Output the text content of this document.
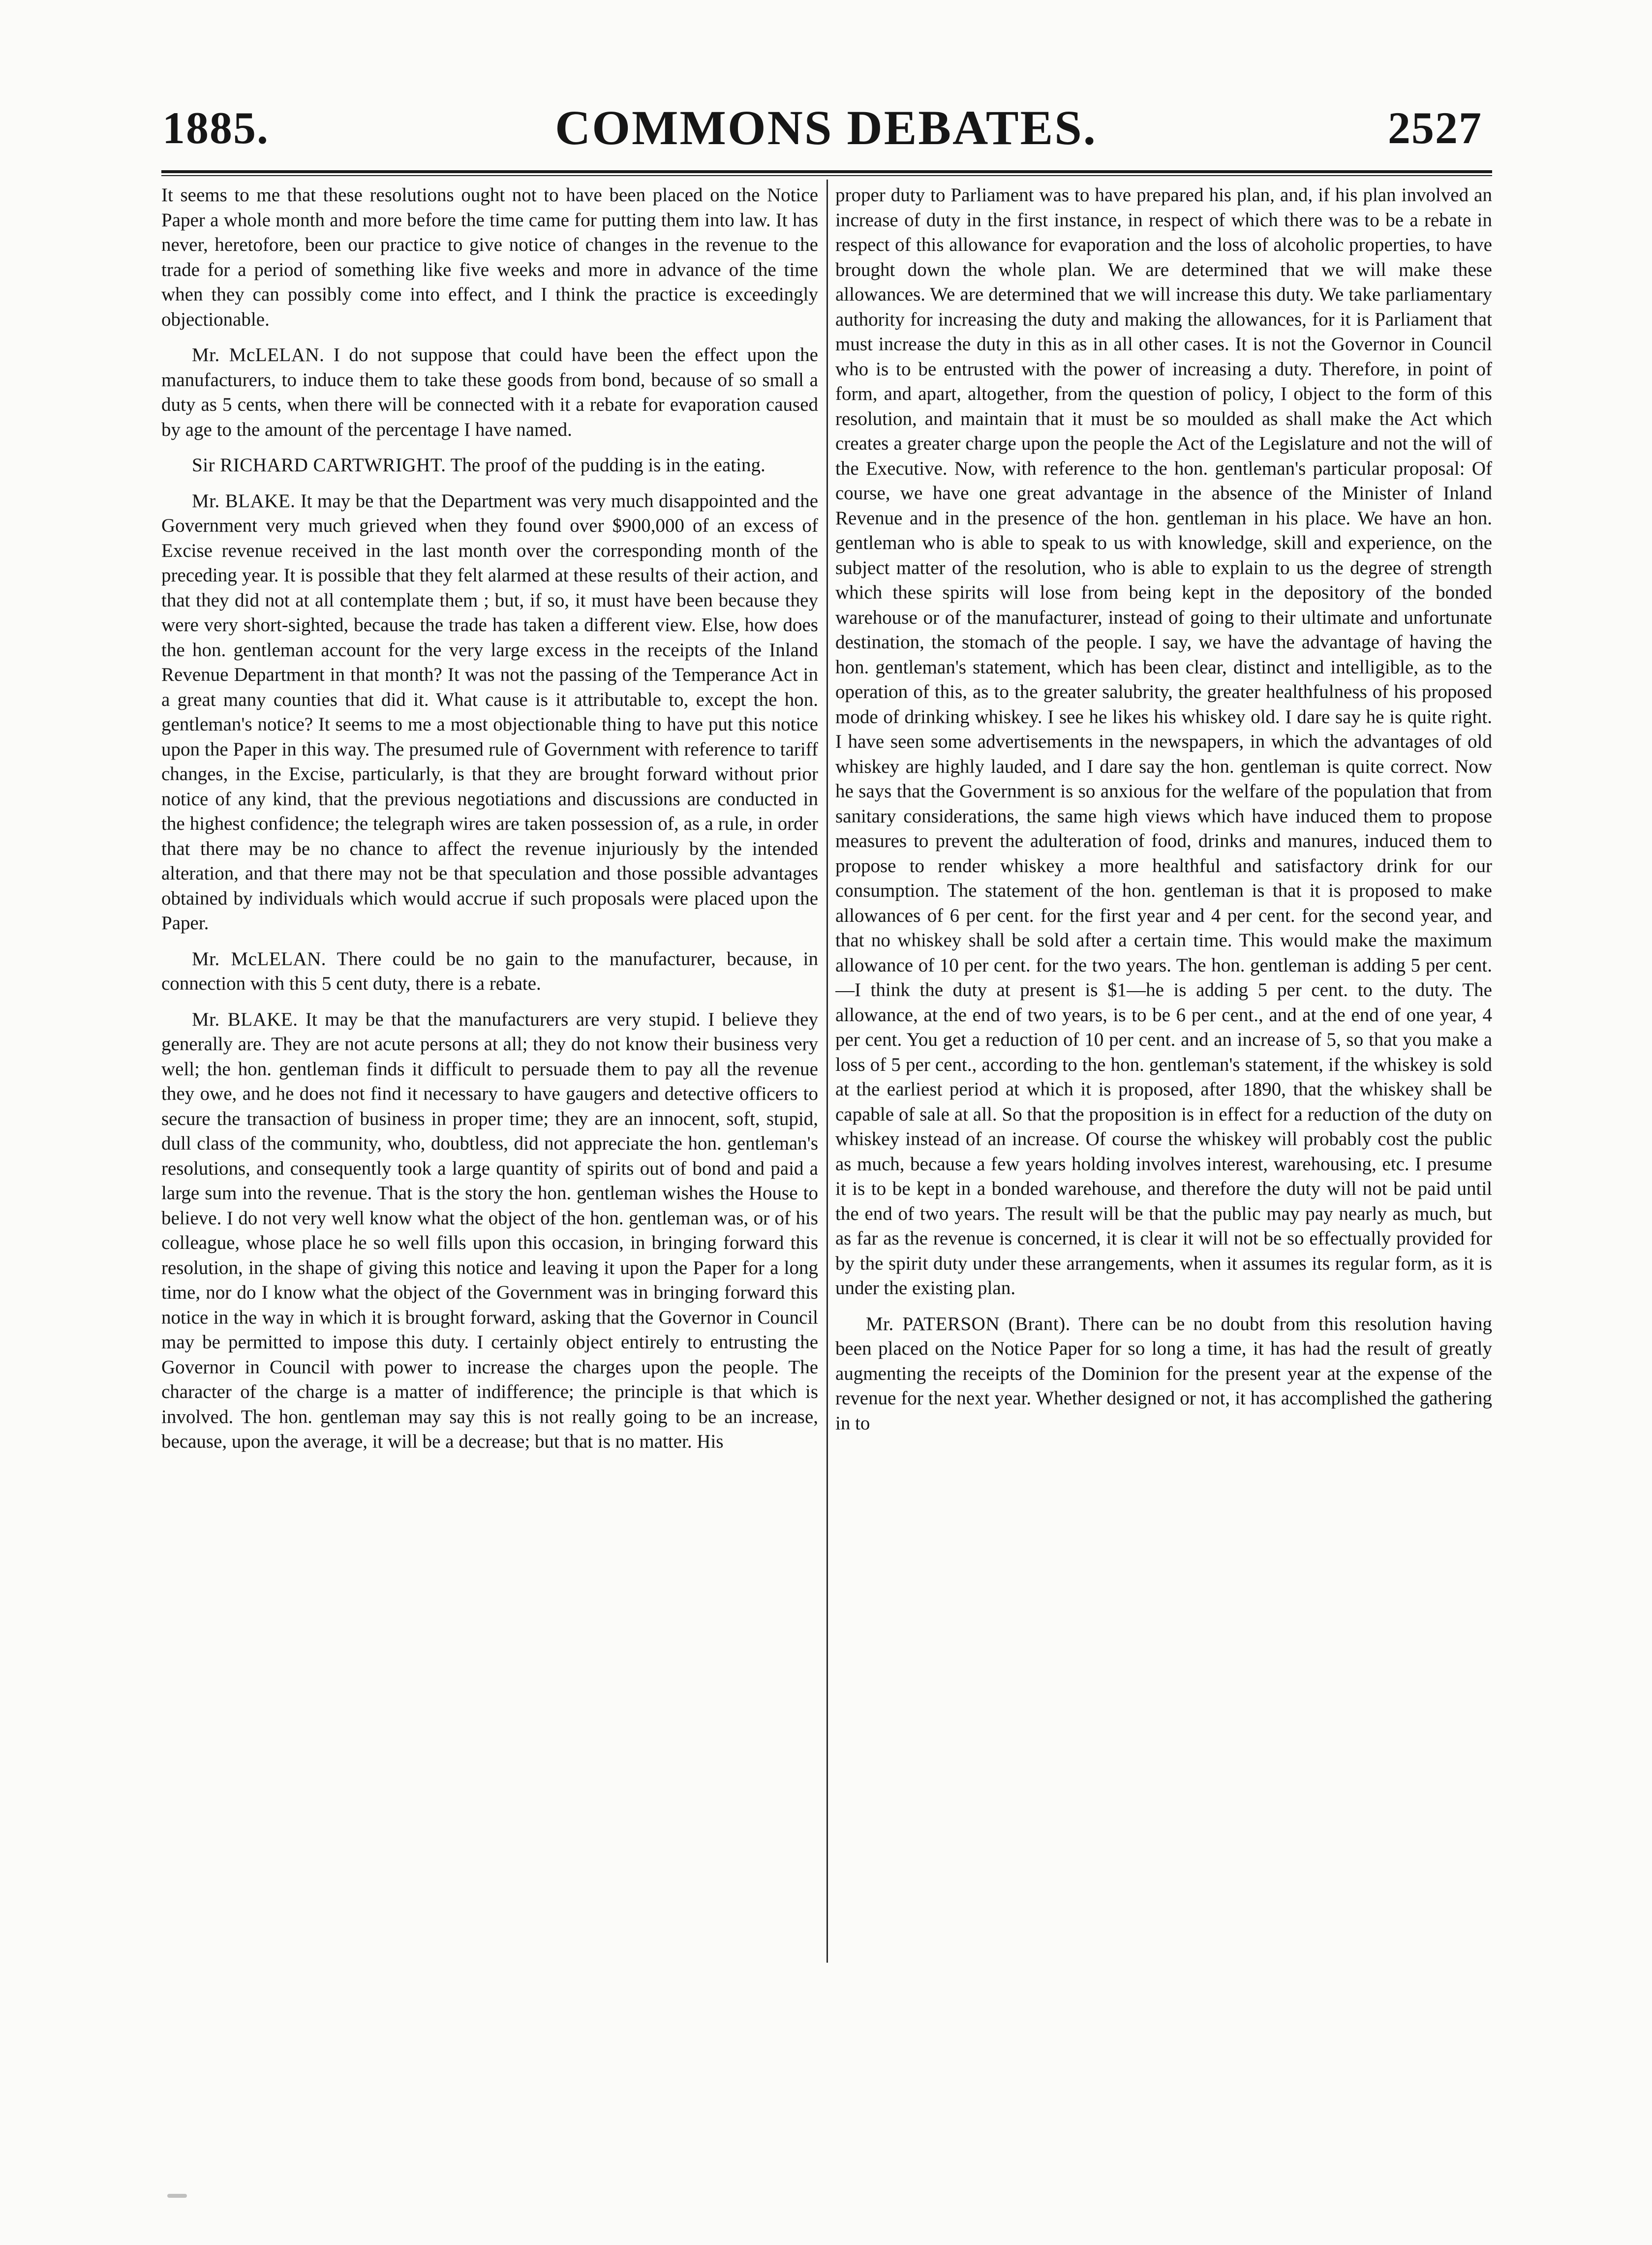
COMMONS DEBATES.
1885.	2527

It seems to me that these resolutions ought not to have been placed on the Notice Paper a whole month and more before the time came for putting them into law. It has never, heretofore, been our practice to give notice of changes in the revenue to the trade for a period of something like five weeks and more in advance of the time when they can possibly come into effect, and I think the practice is exceedingly objectionable.

Mr. McLELAN. I do not suppose that could have been the effect upon the manufacturers, to induce them to take these goods from bond, because of so small a duty as 5 cents, when there will be connected with it a rebate for evaporation caused by age to the amount of the percentage I have named.

Sir RICHARD CARTWRIGHT. The proof of the pudding is in the eating.

Mr. BLAKE. It may be that the Department was very much disappointed and the Government very much grieved when they found over $900,000 of an excess of Excise revenue received in the last month over the corresponding month of the preceding year. It is possible that they felt alarmed at these results of their action, and that they did not at all contemplate them ; but, if so, it must have been because they were very short-sighted, because the trade has taken a different view. Else, how does the hon. gentleman account for the very large excess in the receipts of the Inland Revenue Department in that month? It was not the passing of the Temperance Act in a great many counties that did it. What cause is it attributable to, except the hon. gentleman's notice? It seems to me a most objectionable thing to have put this notice upon the Paper in this way. The presumed rule of Government with reference to tariff changes, in the Excise, particularly, is that they are brought forward without prior notice of any kind, that the previous negotiations and discussions are conducted in the highest confidence; the telegraph wires are taken possession of, as a rule, in order that there may be no chance to affect the revenue injuriously by the intended alteration, and that there may not be that speculation and those possible advantages obtained by individuals which would accrue if such proposals were placed upon the Paper.

Mr. McLELAN. There could be no gain to the manufacturer, because, in connection with this 5 cent duty, there is a rebate.

Mr. BLAKE. It may be that the manufacturers are very stupid. I believe they generally are. They are not acute persons at all; they do not know their business very well; the hon. gentleman finds it difficult to persuade them to pay all the revenue they owe, and he does not find it necessary to have gaugers and detective officers to secure the transaction of business in proper time; they are an innocent, soft, stupid, dull class of the community, who, doubtless, did not appreciate the hon. gentleman's resolutions, and consequently took a large quantity of spirits out of bond and paid a large sum into the revenue. That is the story the hon. gentleman wishes the House to believe. I do not very well know what the object of the hon. gentleman was, or of his colleague, whose place he so well fills upon this occasion, in bringing forward this resolution, in the shape of giving this notice and leaving it upon the Paper for a long time, nor do I know what the object of the Government was in bringing forward this notice in the way in which it is brought forward, asking that the Governor in Council may be permitted to impose this duty. I certainly object entirely to entrusting the Governor in Council with power to increase the charges upon the people. The character of the charge is a matter of indifference; the principle is that which is involved. The hon. gentleman may say this is not really going to be an increase, because, upon the average, it will be a decrease; but that is no matter. His

proper duty to Parliament was to have prepared his plan, and, if his plan involved an increase of duty in the first instance, in respect of which there was to be a rebate in respect of this allowance for evaporation and the loss of alcoholic properties, to have brought down the whole plan. We are determined that we will make these allowances. We are determined that we will increase this duty. We take parliamentary authority for increasing the duty and making the allowances, for it is Parliament that must increase the duty in this as in all other cases. It is not the Governor in Council who is to be entrusted with the power of increasing a duty. Therefore, in point of form, and apart, altogether, from the question of policy, I object to the form of this resolution, and maintain that it must be so moulded as shall make the Act which creates a greater charge upon the people the Act of the Legislature and not the will of the Executive. Now, with reference to the hon. gentleman's particular proposal: Of course, we have one great advantage in the absence of the Minister of Inland Revenue and in the presence of the hon. gentleman in his place. We have an hon. gentleman who is able to speak to us with knowledge, skill and experience, on the subject matter of the resolution, who is able to explain to us the degree of strength which these spirits will lose from being kept in the depository of the bonded warehouse or of the manufacturer, instead of going to their ultimate and unfortunate destination, the stomach of the people. I say, we have the advantage of having the hon. gentleman's statement, which has been clear, distinct and intelligible, as to the operation of this, as to the greater salubrity, the greater healthfulness of his proposed mode of drinking whiskey. I see he likes his whiskey old. I dare say he is quite right. I have seen some advertisements in the newspapers, in which the advantages of old whiskey are highly lauded, and I dare say the hon. gentleman is quite correct. Now he says that the Government is so anxious for the welfare of the population that from sanitary considerations, the same high views which have induced them to propose measures to prevent the adulteration of food, drinks and manures, induced them to propose to render whiskey a more healthful and satisfactory drink for our consumption. The statement of the hon. gentleman is that it is proposed to make allowances of 6 per cent. for the first year and 4 per cent. for the second year, and that no whiskey shall be sold after a certain time. This would make the maximum allowance of 10 per cent. for the two years. The hon. gentleman is adding 5 per cent.—I think the duty at present is $1—he is adding 5 per cent. to the duty. The allowance, at the end of two years, is to be 6 per cent., and at the end of one year, 4 per cent. You get a reduction of 10 per cent. and an increase of 5, so that you make a loss of 5 per cent., according to the hon. gentleman's statement, if the whiskey is sold at the earliest period at which it is proposed, after 1890, that the whiskey shall be capable of sale at all. So that the proposition is in effect for a reduction of the duty on whiskey instead of an increase. Of course the whiskey will probably cost the public as much, because a few years holding involves interest, warehousing, etc. I presume it is to be kept in a bonded warehouse, and therefore the duty will not be paid until the end of two years. The result will be that the public may pay nearly as much, but as far as the revenue is concerned, it is clear it will not be so effectually provided for by the spirit duty under these arrangements, when it assumes its regular form, as it is under the existing plan.

Mr. PATERSON (Brant). There can be no doubt from this resolution having been placed on the Notice Paper for so long a time, it has had the result of greatly augmenting the receipts of the Dominion for the present year at the expense of the revenue for the next year. Whether designed or not, it has accomplished the gathering in to
